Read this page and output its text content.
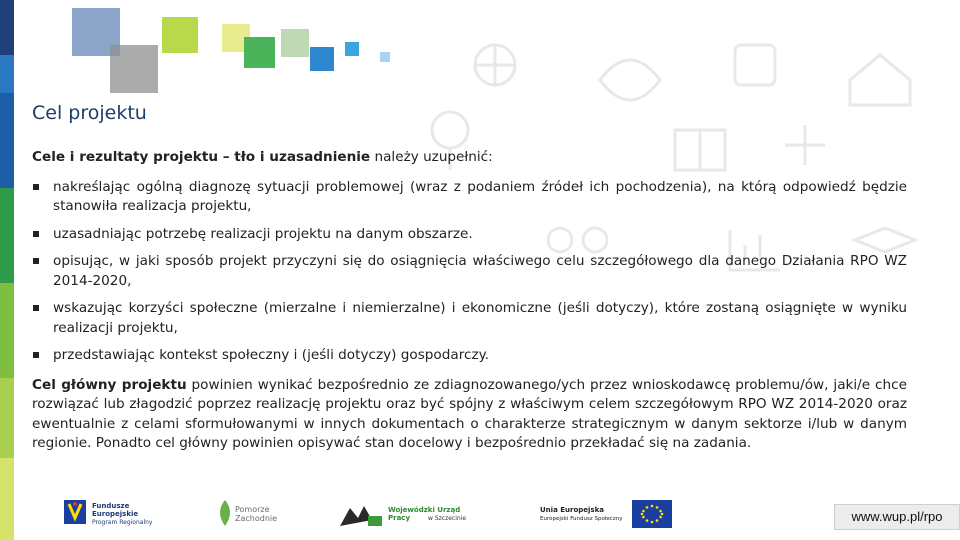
Cel projektu

Cele i rezultaty projektu – tło i uzasadnienie należy uzupełnić:

nakreślając ogólną diagnozę sytuacji problemowej (wraz z podaniem źródeł ich pochodzenia), na którą odpowiedź będzie stanowiła realizacja projektu,
uzasadniając potrzebę realizacji projektu na danym obszarze.
opisując, w jaki sposób projekt przyczyni się do osiągnięcia właściwego celu szczegółowego dla danego Działania RPO WZ 2014-2020,
wskazując korzyści społeczne (mierzalne i niemierzalne) i ekonomiczne (jeśli dotyczy), które zostaną osiągnięte w wyniku realizacji projektu,
przedstawiając kontekst społeczny i (jeśli dotyczy) gospodarczy.

Cel główny projektu powinien wynikać bezpośrednio ze zdiagnozowanego/ych przez wnioskodawcę problemu/ów, jaki/e chce rozwiązać lub złagodzić poprzez realizację projektu oraz być spójny z właściwym celem szczegółowym RPO WZ 2014-2020 oraz ewentualnie z celami sformułowanymi w innych dokumentach o charakterze strategicznym w danym sektorze i/lub w danym regionie. Ponadto cel główny powinien opisywać stan docelowy i bezpośrednio przekładać się na zadania.

Fundusze
Europejskie
Program Regionalny
Pomorze
Zachodnie
Wojewódzki Urząd Pracy	w Szczecinie
Unia Europejska
Europejski Fundusz Społeczny	www.wup.pl/rpo
